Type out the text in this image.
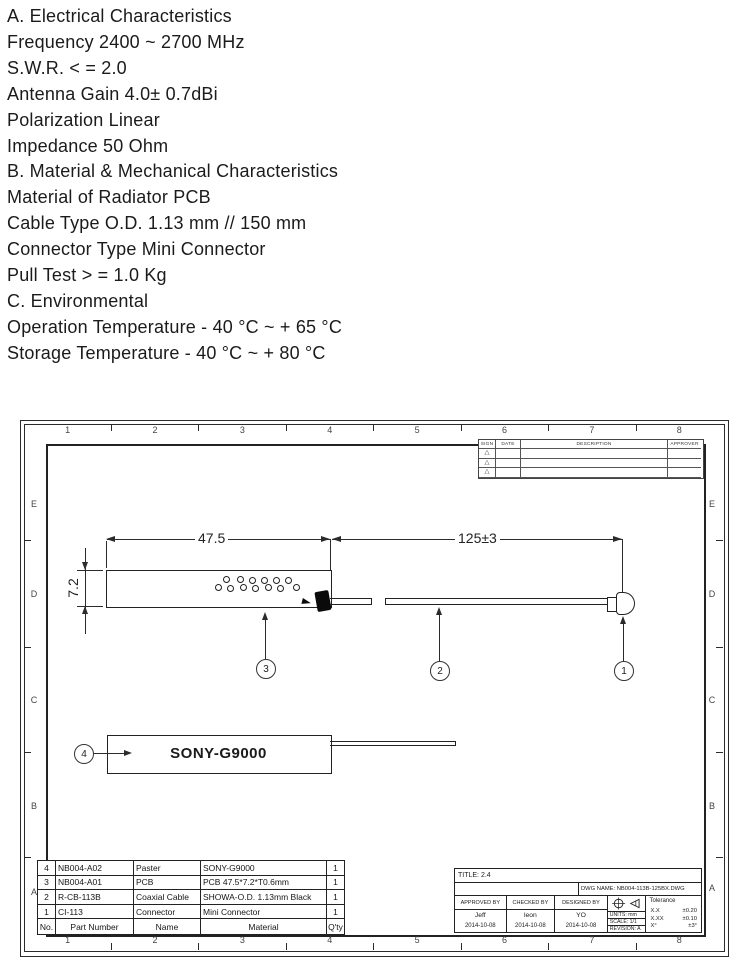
A. Electrical Characteristics
Frequency 2400 ~ 2700 MHz
S.W.R. < = 2.0
Antenna Gain 4.0± 0.7dBi
Polarization Linear
Impedance 50 Ohm
B. Material & Mechanical Characteristics
Material of Radiator PCB
Cable Type O.D. 1.13 mm // 150 mm
Connector Type Mini Connector
Pull Test > = 1.0 Kg
C. Environmental
Operation Temperature - 40 °C ~ + 65 °C
Storage Temperature - 40 °C ~ + 80 °C
1	2	3	4	5	6	7	8
1	2	3	4	5	6	7	8
E
D
C
B
A
E
D
C
B
A
SIGN	DATE	DESCRIPTION	APPROVER
△
△
△
47.5	125±3
7.2
1
2
3
SONY-G9000
4
4	NB004-A02	Paster	SONY-G9000	1
3	NB004-A01	PCB	PCB 47.5*7.2*T0.6mm	1
2	R-CB-113B	Coaxial Cable	SHOWA-O.D. 1.13mm Black	1
1	CI-113	Connector	Mini Connector	1
No.	Part Number	Name	Material	Q'ty
TITLE: 2.4
DWG NAME: NB004-113B-125BX.DWG
APPROVED BY
Jeff
2014-10-08
CHECKED BY
leon
2014-10-08
DESIGNED BY
YO
2014-10-08
UNITS: mm
SCALE: 1/1
REVISION: A
Tolerance
X.X	±0.20
X.XX	±0.10
X°	±3°
